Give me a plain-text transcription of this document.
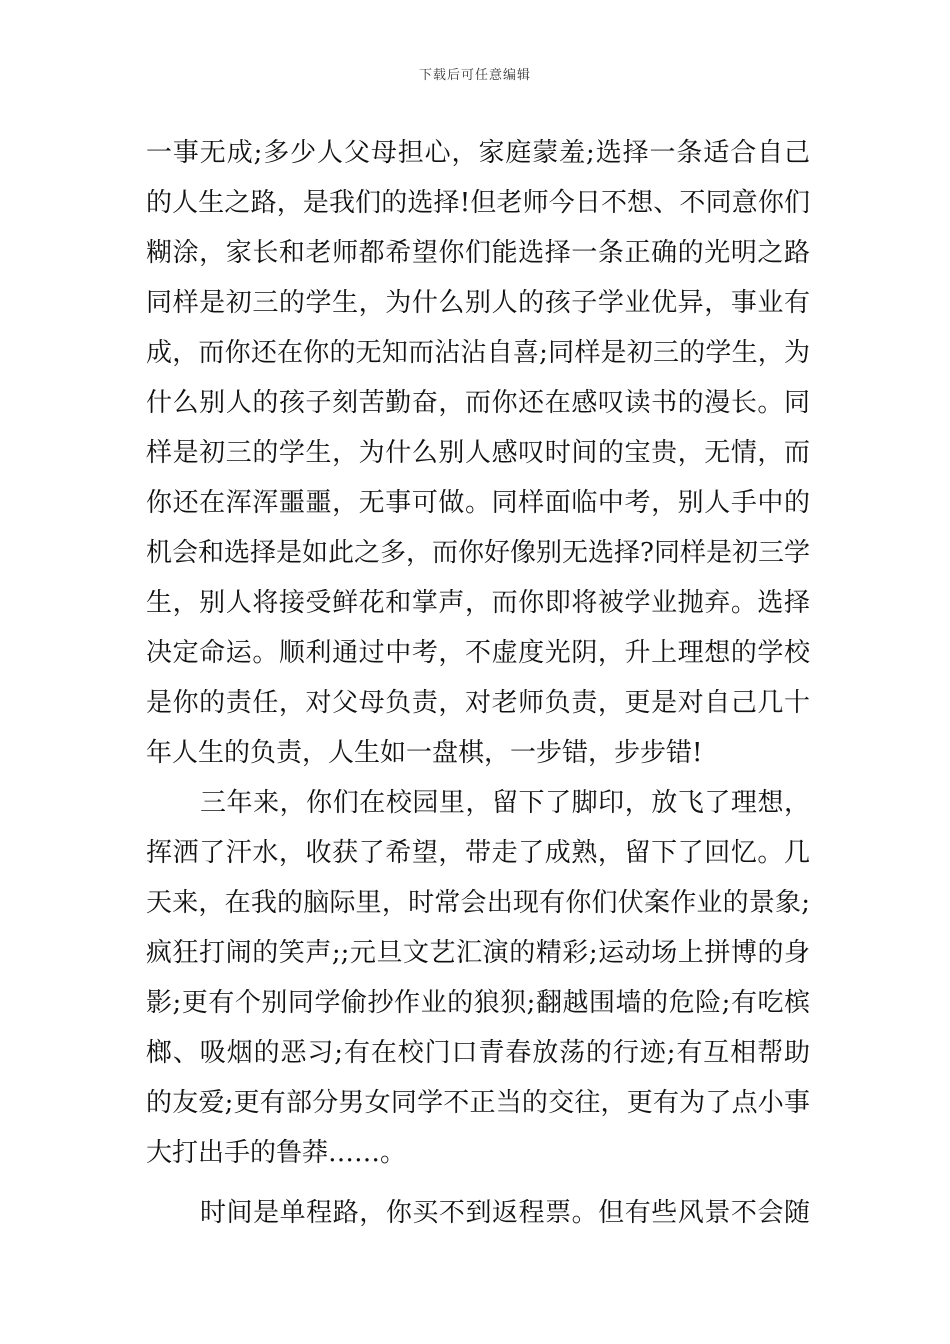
下载后可任意编辑
一事无成;多少人父母担心，家庭蒙羞;选择一条适合自己
的人生之路，是我们的选择!但老师今日不想、不同意你们
糊涂，家长和老师都希望你们能选择一条正确的光明之路
同样是初三的学生，为什么别人的孩子学业优异，事业有
成，而你还在你的无知而沾沾自喜;同样是初三的学生，为
什么别人的孩子刻苦勤奋，而你还在感叹读书的漫长。同
样是初三的学生，为什么别人感叹时间的宝贵，无情，而
你还在浑浑噩噩，无事可做。同样面临中考，别人手中的
机会和选择是如此之多，而你好像别无选择?同样是初三学
生，别人将接受鲜花和掌声，而你即将被学业抛弃。选择
决定命运。顺利通过中考，不虚度光阴，升上理想的学校
是你的责任，对父母负责，对老师负责，更是对自己几十
年人生的负责，人生如一盘棋，一步错，步步错!
三年来，你们在校园里，留下了脚印，放飞了理想，
挥洒了汗水，收获了希望，带走了成熟，留下了回忆。几
天来，在我的脑际里，时常会出现有你们伏案作业的景象;
疯狂打闹的笑声;;元旦文艺汇演的精彩;运动场上拼博的身
影;更有个别同学偷抄作业的狼狈;翻越围墙的危险;有吃槟
榔、吸烟的恶习;有在校门口青春放荡的行迹;有互相帮助
的友爱;更有部分男女同学不正当的交往，更有为了点小事
大打出手的鲁莽……。
时间是单程路，你买不到返程票。但有些风景不会随
